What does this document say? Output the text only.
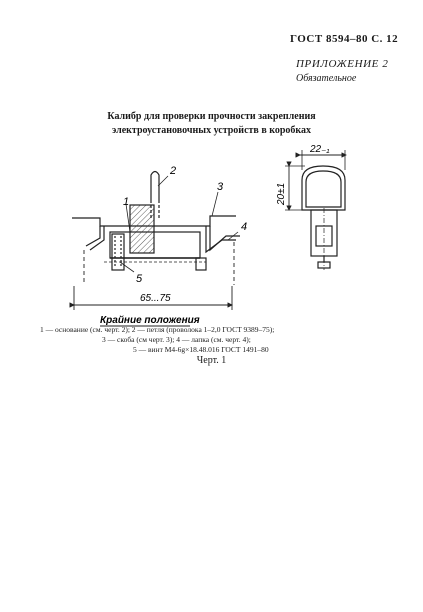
ГОСТ 8594–80 С. 12
ПРИЛОЖЕНИЕ 2
Обязательное
Калибр для проверки прочности закрепления
электроустановочных устройств в коробках
1
2
3
4
5
65...75
Крайние положения
22₋₁
20±1
1 — основание (см. черт. 2); 2 — петля (проволока 1–2,0 ГОСТ 9389–75);
3 — скоба (см черт. 3); 4 — лапка (см. черт. 4);
5 — винт М4-6g×18.48.016 ГОСТ 1491–80
Черт. 1
